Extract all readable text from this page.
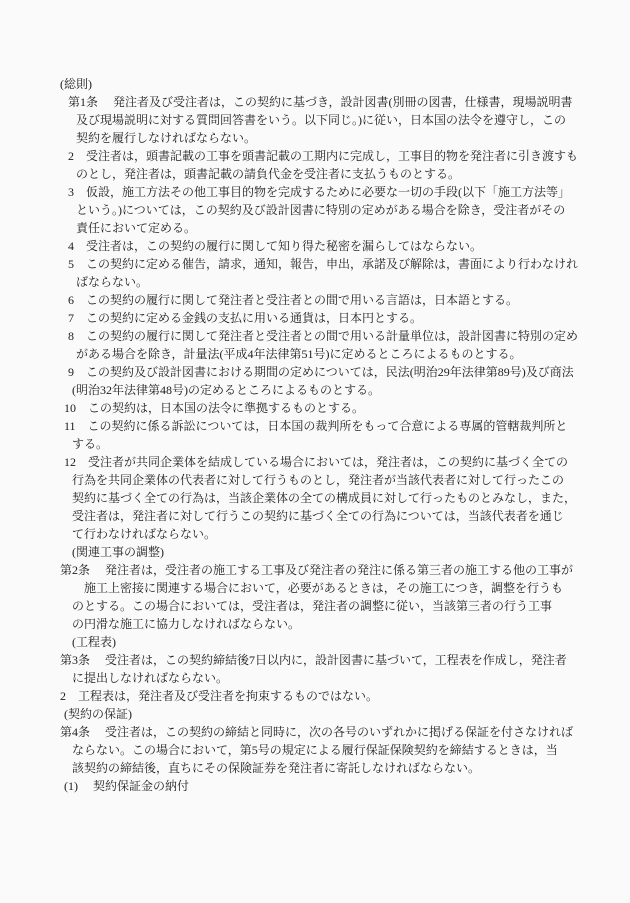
(総則)
第1条　 発注者及び受注者は，この契約に基づき，設計図書(別冊の図書，仕様書，現場説明書
及び現場説明に対する質問回答書をいう。以下同じ。)に従い，日本国の法令を遵守し，この
契約を履行しなければならない。
2　受注者は，頭書記載の工事を頭書記載の工期内に完成し，工事目的物を発注者に引き渡すも
のとし，発注者は，頭書記載の請負代金を受注者に支払うものとする。
3　仮設，施工方法その他工事目的物を完成するために必要な一切の手段(以下「施工方法等」
という。)については，この契約及び設計図書に特別の定めがある場合を除き，受注者がその
責任において定める。
4　受注者は，この契約の履行に関して知り得た秘密を漏らしてはならない。
5　この契約に定める催告，請求，通知，報告，申出，承諾及び解除は，書面により行わなけれ
ばならない。
6　この契約の履行に関して発注者と受注者との間で用いる言語は，日本語とする。
7　この契約に定める金銭の支払に用いる通貨は，日本円とする。
8　この契約の履行に関して発注者と受注者との間で用いる計量単位は，設計図書に特別の定め
がある場合を除き，計量法(平成4年法律第51号)に定めるところによるものとする。
9　この契約及び設計図書における期間の定めについては，民法(明治29年法律第89号)及び商法
(明治32年法律第48号)の定めるところによるものとする。
10　この契約は，日本国の法令に準拠するものとする。
11　この契約に係る訴訟については，日本国の裁判所をもって合意による専属的管轄裁判所と
する。
12　受注者が共同企業体を結成している場合においては，発注者は，この契約に基づく全ての
行為を共同企業体の代表者に対して行うものとし，発注者が当該代表者に対して行ったこの
契約に基づく全ての行為は，当該企業体の全ての構成員に対して行ったものとみなし，また，
受注者は，発注者に対して行うこの契約に基づく全ての行為については，当該代表者を通じ
て行わなければならない。
(関連工事の調整)
第2条　 発注者は，受注者の施工する工事及び発注者の発注に係る第三者の施工する他の工事が
施工上密接に関連する場合において，必要があるときは，その施工につき，調整を行うも
のとする。この場合においては，受注者は，発注者の調整に従い，当該第三者の行う工事
の円滑な施工に協力しなければならない。
(工程表)
第3条　 受注者は，この契約締結後7日以内に，設計図書に基づいて，工程表を作成し，発注者
に提出しなければならない。
2　工程表は，発注者及び受注者を拘束するものではない。
(契約の保証)
第4条　 受注者は，この契約の締結と同時に，次の各号のいずれかに掲げる保証を付さなければ
ならない。この場合において，第5号の規定による履行保証保険契約を締結するときは，当
該契約の締結後，直ちにその保険証券を発注者に寄託しなければならない。
(1)　 契約保証金の納付
